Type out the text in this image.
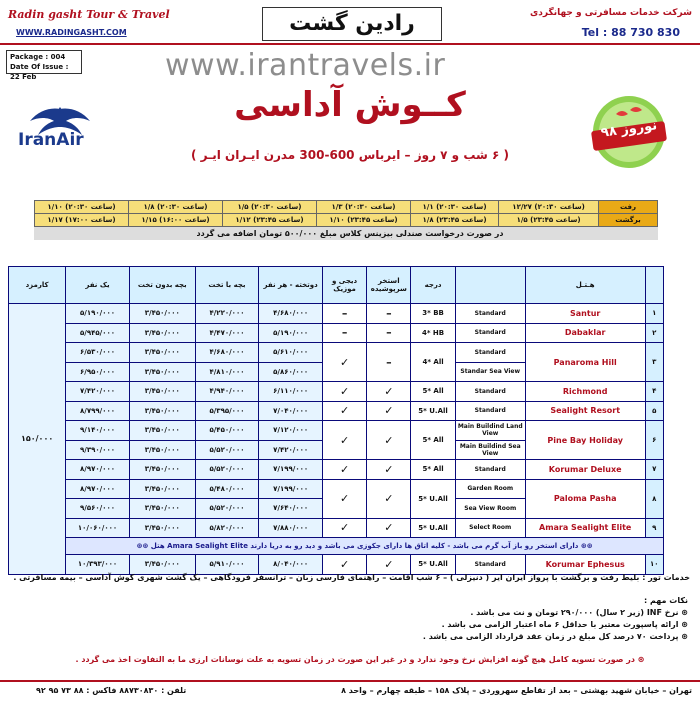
Radin gasht Tour & Travel
WWW.RADINGASHT.COM	رادین گشت	شرکت خدمات مسافرتی و جهانگردی
Tel : 88 730 830
www.irantravels.ir
Package : 004
Date Of Issue : 22 Feb
IranAir
کــوش آداسی
( ۶ شب و ۷ روز – ایرباس 600-300 مدرن ایـران ایـر )
نوروز ۹۸
۱/۱۰ (ساعت ۲۰:۳۰)	۱/۸ (ساعت ۲۰:۳۰)	۱/۵ (ساعت ۲۰:۳۰)	۱/۳ (ساعت ۲۰:۳۰)	۱/۱ (ساعت ۲۰:۳۰)	۱۲/۲۷ (ساعت ۲۰:۳۰)	رفت
۱/۱۷ (ساعت ۱۷:۰۰)	۱/۱۵ (ساعت ۱۶:۰۰)	۱/۱۲ (ساعت ۲۳:۴۵)	۱/۱۰ (ساعت ۲۳:۴۵)	۱/۸ (ساعت ۲۳:۴۵)	۱/۵ (ساعت ۲۳:۴۵)	برگشت
در صورت درخواست صندلی بیزینس کلاس مبلغ ۵۰۰/۰۰۰ تومان اضافه می گردد
کارمزد	یک نفر	بچه بدون تخت	بچه با تخت	دوتخته - هر نفر	دیجی و موزیک	استخر سرپوشیده	درجه		هـتـل	
۱۵۰/۰۰۰	۵/۱۹۰/۰۰۰	۳/۴۵۰/۰۰۰	۴/۲۲۰/۰۰۰	۴/۶۸۰/۰۰۰	–	–	3* BB	Standard	Santur	۱
	۵/۹۴۵/۰۰۰	۳/۴۵۰/۰۰۰	۴/۴۷۰/۰۰۰	۵/۱۹۰/۰۰۰	–	–	4* HB	Standard	Dabaklar	۲
	۶/۵۳۰/۰۰۰	۳/۴۵۰/۰۰۰	۴/۶۸۰/۰۰۰	۵/۶۱۰/۰۰۰	✓	–	4* All	Standard	Panaroma Hill	۳
	۶/۹۵۰/۰۰۰	۳/۴۵۰/۰۰۰	۴/۸۱۰/۰۰۰	۵/۸۶۰/۰۰۰				Standar Sea View		
	۷/۴۲۰/۰۰۰	۳/۴۵۰/۰۰۰	۴/۹۴۰/۰۰۰	۶/۱۱۰/۰۰۰	✓	✓	5* All	Standard	Richmond	۴
	۸/۷۹۹/۰۰۰	۳/۴۵۰/۰۰۰	۵/۳۹۵/۰۰۰	۷/۰۴۰/۰۰۰	✓	✓	5* U.All	Standard	Sealight Resort	۵
	۹/۱۴۰/۰۰۰	۳/۴۵۰/۰۰۰	۵/۴۵۰/۰۰۰	۷/۱۲۰/۰۰۰	✓	✓	5* All	Main Buildind Land View	Pine Bay Holiday	۶
	۹/۳۹۰/۰۰۰	۳/۴۵۰/۰۰۰	۵/۵۲۰/۰۰۰	۷/۴۲۰/۰۰۰				Main Buildind Sea View		
	۸/۹۷۰/۰۰۰	۳/۴۵۰/۰۰۰	۵/۵۲۰/۰۰۰	۷/۱۹۹/۰۰۰	✓	✓	5* All	Standard	Korumar Deluxe	۷
	۸/۹۷۰/۰۰۰	۳/۴۵۰/۰۰۰	۵/۴۸۰/۰۰۰	۷/۱۹۹/۰۰۰	✓	✓	5* U.All	Garden Room	Paloma Pasha	۸
	۹/۵۶۰/۰۰۰	۳/۴۵۰/۰۰۰	۵/۵۲۰/۰۰۰	۷/۶۴۰/۰۰۰				Sea View Room		
	۱۰/۰۶۰/۰۰۰	۳/۴۵۰/۰۰۰	۵/۸۲۰/۰۰۰	۷/۸۸۰/۰۰۰	✓	✓	5* U.All	Select Room	Amara Sealight Elite	۹
	⊛⊛ هتل Amara Sealight Elite دارای استخر رو باز آب گرم می باشد - کلیه اتاق ها دارای جکوزی می باشد و دید رو به دریا دارند ⊛⊛									
	۱۰/۳۹۳/۰۰۰	۳/۴۵۰/۰۰۰	۵/۹۱۰/۰۰۰	۸/۰۴۰/۰۰۰	✓	✓	5* U.All	Standard	Korumar Ephesus	۱۰
خدمات تور : بلیط رفت و برگشت با پرواز ایران ایر ( دنیزلی ) – ۶ شب اقامت – راهنمای فارسی زبان – ترانسفر فرودگاهی – یک گشت شهری کوش آداسی – بیمه مسافرتی .
نکات مهم :
⊛ نرخ INF (زیر ۲ سال) ۲۹۰/۰۰۰ تومان و نت می باشد .
⊛ ارائه پاسپورت معتبر با حداقل ۶ ماه اعتبار الزامی می باشد .
⊛ پرداخت ۷۰ درصد کل مبلغ در زمان عقد قرارداد الزامی می باشد .
⊛ در صورت تسویه کامل هیچ گونه افزایش نرخ وجود ندارد و در غیر این صورت در زمان تسویه به علت نوسانات ارزی ما به التفاوت اخذ می گردد .
تهران – خیابان شهید بهشتی – بعد از تقاطع سهروردی – پلاک ۱۵۸ – طبقه چهارم – واحد ۸
تلفن : ۸۸۷۳۰۸۳۰ فاکس : ۸۸ ۷۳ ۹۵ ۹۲
